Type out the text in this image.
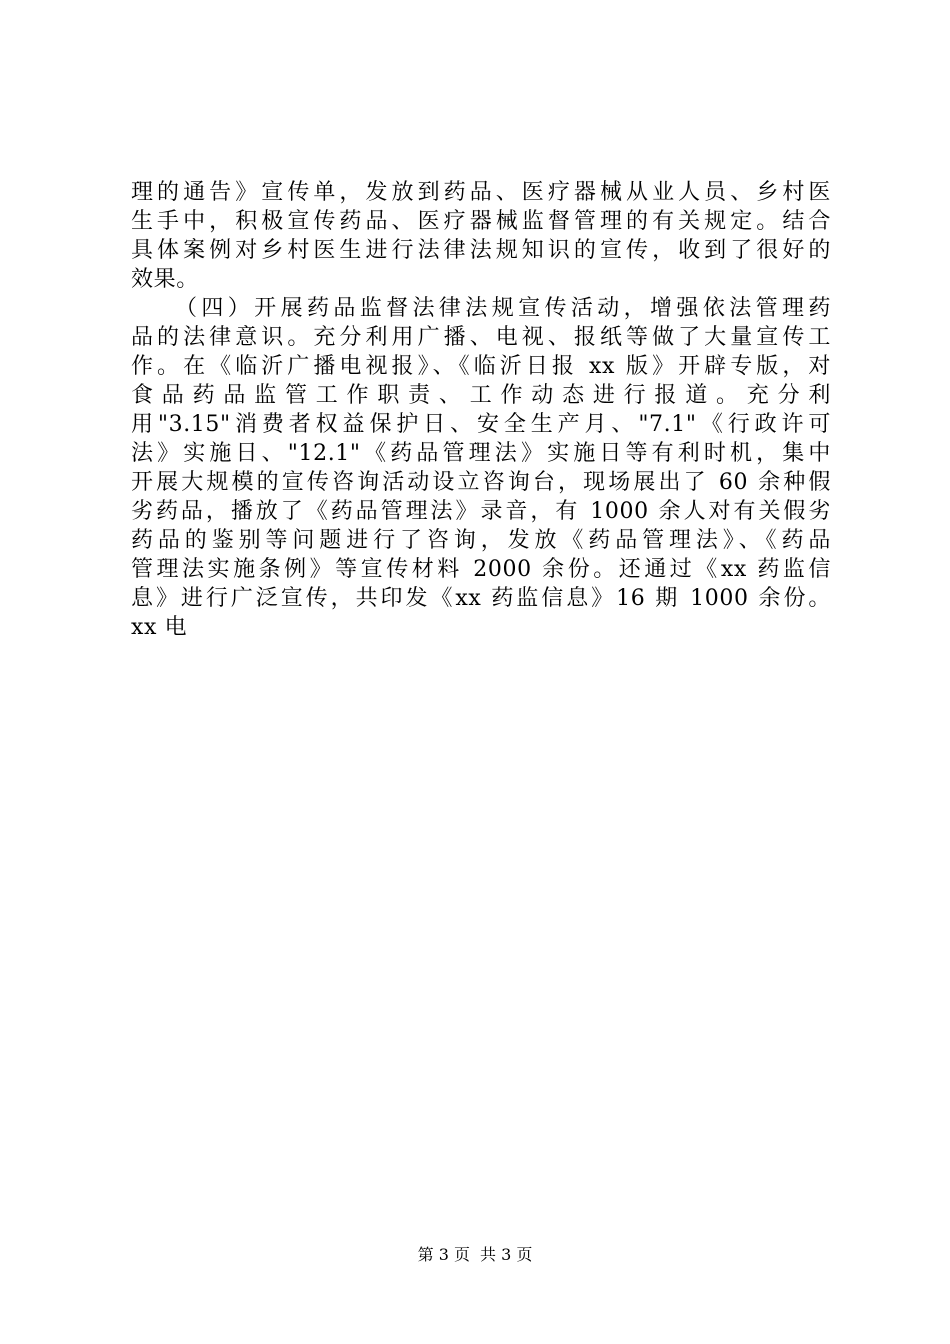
理的通告》宣传单，发放到药品、医疗器械从业人员、乡村医
生手中，积极宣传药品、医疗器械监督管理的有关规定。结合
具体案例对乡村医生进行法律法规知识的宣传，收到了很好的
效果。
（四）开展药品监督法律法规宣传活动，增强依法管理药
品的法律意识。充分利用广播、电视、报纸等做了大量宣传工
作。在《临沂广播电视报》、《临沂日报 xx 版》开辟专版，对
食品药品监管工作职责、工作动态进行报道。充分利
用"3.15"消费者权益保护日、安全生产月、"7.1"《行政许可
法》实施日、"12.1"《药品管理法》实施日等有利时机，集中
开展大规模的宣传咨询活动设立咨询台，现场展出了 60 余种假
劣药品，播放了《药品管理法》录音，有 1000 余人对有关假劣
药品的鉴别等问题进行了咨询，发放《药品管理法》、《药品
管理法实施条例》等宣传材料 2000 余份。还通过《xx 药监信
息》进行广泛宣传，共印发《xx 药监信息》16 期 1000 余份。
xx 电
第 3 页 共 3 页
